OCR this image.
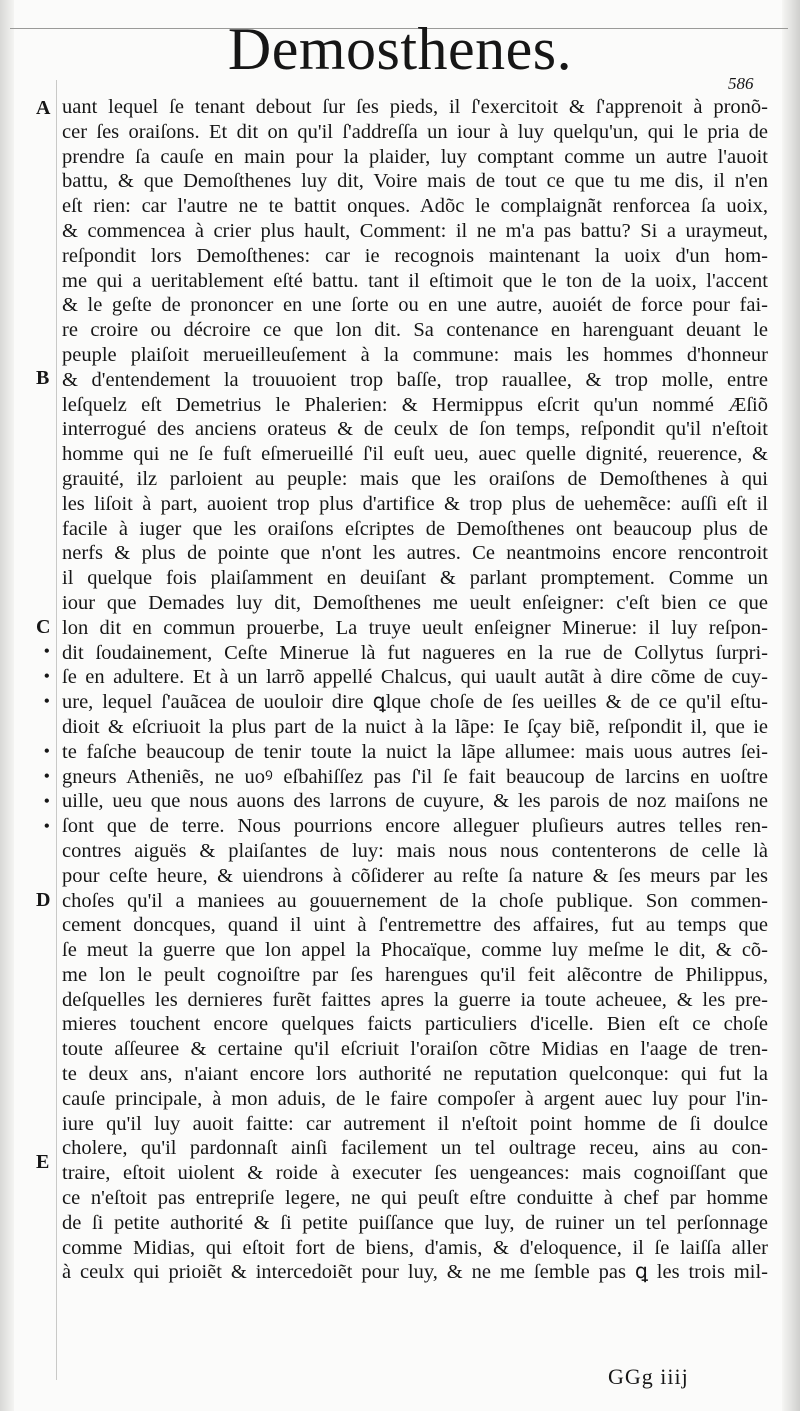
Demosthenes.
586
A
B
C
D
E
•
•
•
•
•
•
•
uant lequel ſe tenant debout ſur ſes pieds, il ſ'exercitoit & ſ'apprenoit à pronõ-
cer ſes oraiſons. Et dit on qu'il ſ'addreſſa un iour à luy quelqu'un, qui le pria de
prendre ſa cauſe en main pour la plaider, luy comptant comme un autre l'auoit
battu, & que Demoſthenes luy dit, Voire mais de tout ce que tu me dis, il n'en
eſt rien: car l'autre ne te battit onques. Adõc le complaignãt renforcea ſa uoix,
& commencea à crier plus hault, Comment: il ne m'a pas battu? Si a uraymeut,
reſpondit lors Demoſthenes: car ie recognois maintenant la uoix d'un hom-
me qui a ueritablement eſté battu. tant il eſtimoit que le ton de la uoix, l'accent
& le geſte de prononcer en une ſorte ou en une autre, auoiét de force pour fai-
re croire ou décroire ce que lon dit. Sa contenance en harenguant deuant le
peuple plaiſoit merueilleuſement à la commune: mais les hommes d'honneur
& d'entendement la trouuoient trop baſſe, trop rauallee, & trop molle, entre
leſquelz eſt Demetrius le Phalerien: & Hermippus eſcrit qu'un nommé Æſiõ
interrogué des anciens orateus & de ceulx de ſon temps, reſpondit qu'il n'eſtoit
homme qui ne ſe fuſt eſmerueillé ſ'il euſt ueu, auec quelle dignité, reuerence, &
grauité, ilz parloient au peuple: mais que les oraiſons de Demoſthenes à qui
les liſoit à part, auoient trop plus d'artifice & trop plus de uehemẽce: auſſi eſt il
facile à iuger que les oraiſons eſcriptes de Demoſthenes ont beaucoup plus de
nerfs & plus de pointe que n'ont les autres. Ce neantmoins encore rencontroit
il quelque fois plaiſamment en deuiſant & parlant promptement. Comme un
iour que Demades luy dit, Demoſthenes me ueult enſeigner: c'eſt bien ce que
lon dit en commun prouerbe, La truye ueult enſeigner Minerue: il luy reſpon-
dit ſoudainement, Ceſte Minerue là fut nagueres en la rue de Collytus ſurpri-
ſe en adultere. Et à un larrõ appellé Chalcus, qui uault autãt à dire cõme de cuy-
ure, lequel ſ'auãcea de uouloir dire ꝗlque choſe de ſes ueilles & de ce qu'il eſtu-
dioit & eſcriuoit la plus part de la nuict à la lãpe: Ie ſçay biẽ, reſpondit il, que ie
te faſche beaucoup de tenir toute la nuict la lãpe allumee: mais uous autres ſei-
gneurs Atheniẽs, ne uoꝰ eſbahiſſez pas ſ'il ſe fait beaucoup de larcins en uoſtre
uille, ueu que nous auons des larrons de cuyure, & les parois de noz maiſons ne
ſont que de terre. Nous pourrions encore alleguer pluſieurs autres telles ren-
contres aiguës & plaiſantes de luy: mais nous nous contenterons de celle là
pour ceſte heure, & uiendrons à cõſiderer au reſte ſa nature & ſes meurs par les
choſes qu'il a maniees au gouuernement de la choſe publique. Son commen-
cement doncques, quand il uint à ſ'entremettre des affaires, fut au temps que
ſe meut la guerre que lon appel la Phocaïque, comme luy meſme le dit, & cõ-
me lon le peult cognoiſtre par ſes harengues qu'il feit alẽcontre de Philippus,
deſquelles les dernieres furẽt faittes apres la guerre ia toute acheuee, & les pre-
mieres touchent encore quelques faicts particuliers d'icelle. Bien eſt ce choſe
toute aſſeuree & certaine qu'il eſcriuit l'oraiſon cõtre Midias en l'aage de tren-
te deux ans, n'aiant encore lors authorité ne reputation quelconque: qui fut la
cauſe principale, à mon aduis, de le faire compoſer à argent auec luy pour l'in-
iure qu'il luy auoit faitte: car autrement il n'eſtoit point homme de ſi doulce
cholere, qu'il pardonnaſt ainſi facilement un tel oultrage receu, ains au con-
traire, eſtoit uiolent & roide à executer ſes uengeances: mais cognoiſſant que
ce n'eſtoit pas entrepriſe legere, ne qui peuſt eſtre conduitte à chef par homme
de ſi petite authorité & ſi petite puiſſance que luy, de ruiner un tel perſonnage
comme Midias, qui eſtoit fort de biens, d'amis, & d'eloquence, il ſe laiſſa aller
à ceulx qui prioiẽt & intercedoiẽt pour luy, & ne me ſemble pas ꝗ les trois mil-
GGg iiij
